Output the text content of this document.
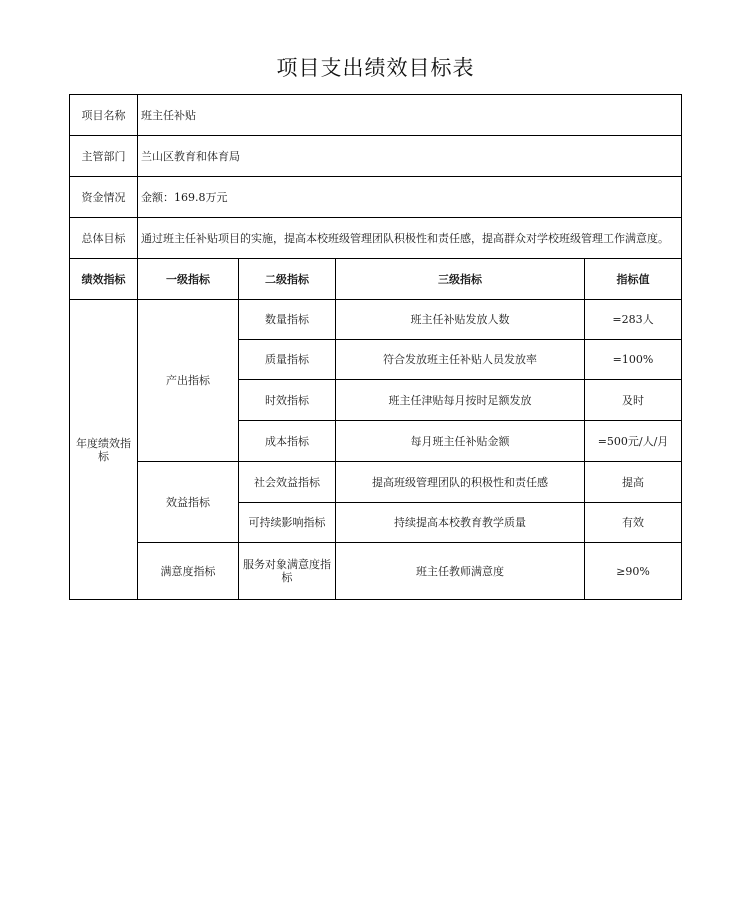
项目支出绩效目标表
项目名称	班主任补贴			
主管部门	兰山区教育和体育局			
资金情况	金额：169.8万元			
总体目标	通过班主任补贴项目的实施，提高本校班级管理团队积极性和责任感，提高群众对学校班级管理工作满意度。			
绩效指标	一级指标	二级指标	三级指标	指标值
年度绩效指标	产出指标	数量指标	班主任补贴发放人数	=283人
		质量指标	符合发放班主任补贴人员发放率	=100%
		时效指标	班主任津贴每月按时足额发放	及时
		成本指标	每月班主任补贴金额	=500元/人/月
	效益指标	社会效益指标	提高班级管理团队的积极性和责任感	提高
		可持续影响指标	持续提高本校教育教学质量	有效
	满意度指标	服务对象满意度指标	班主任教师满意度	≥90%
